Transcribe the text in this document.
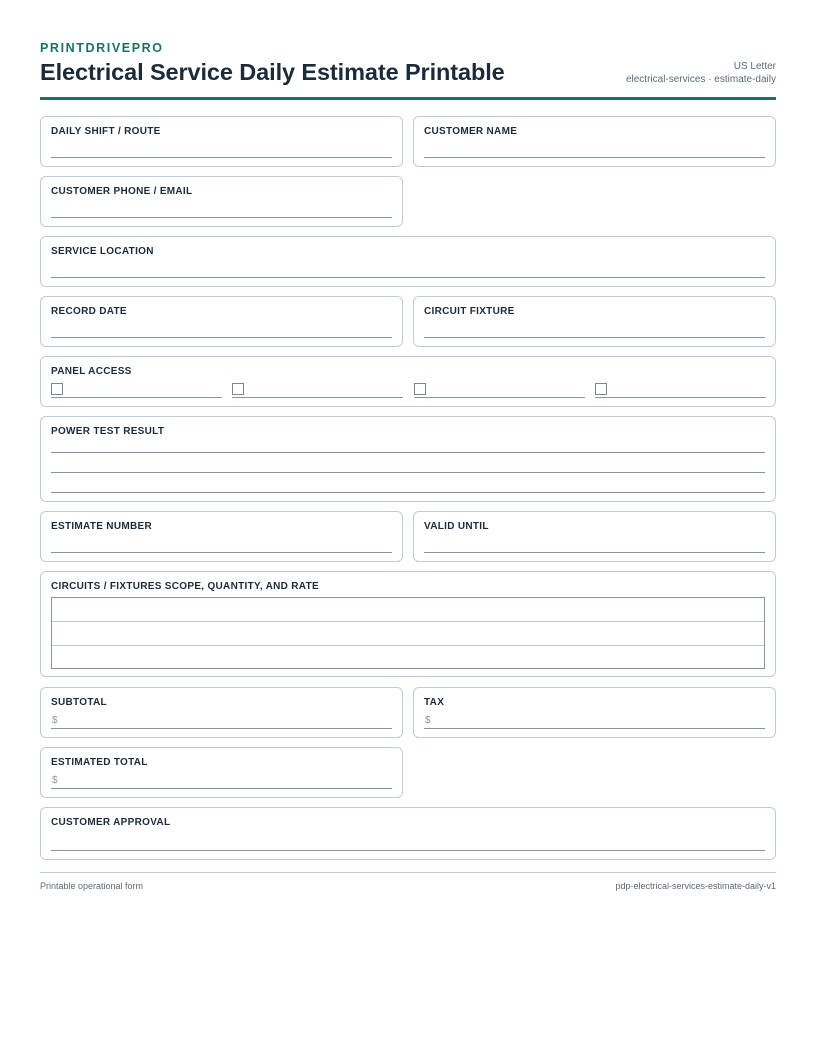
PRINTDRIVEPRO
Electrical Service Daily Estimate Printable	US Letter
electrical-services · estimate-daily
DAILY SHIFT / ROUTE	CUSTOMER NAME
CUSTOMER PHONE / EMAIL
SERVICE LOCATION
RECORD DATE	CIRCUIT FIXTURE
PANEL ACCESS
POWER TEST RESULT
ESTIMATE NUMBER	VALID UNTIL
CIRCUITS / FIXTURES SCOPE, QUANTITY, AND RATE
SUBTOTAL
$
TAX
$
ESTIMATED TOTAL
$
CUSTOMER APPROVAL
Printable operational form	pdp-electrical-services-estimate-daily-v1
